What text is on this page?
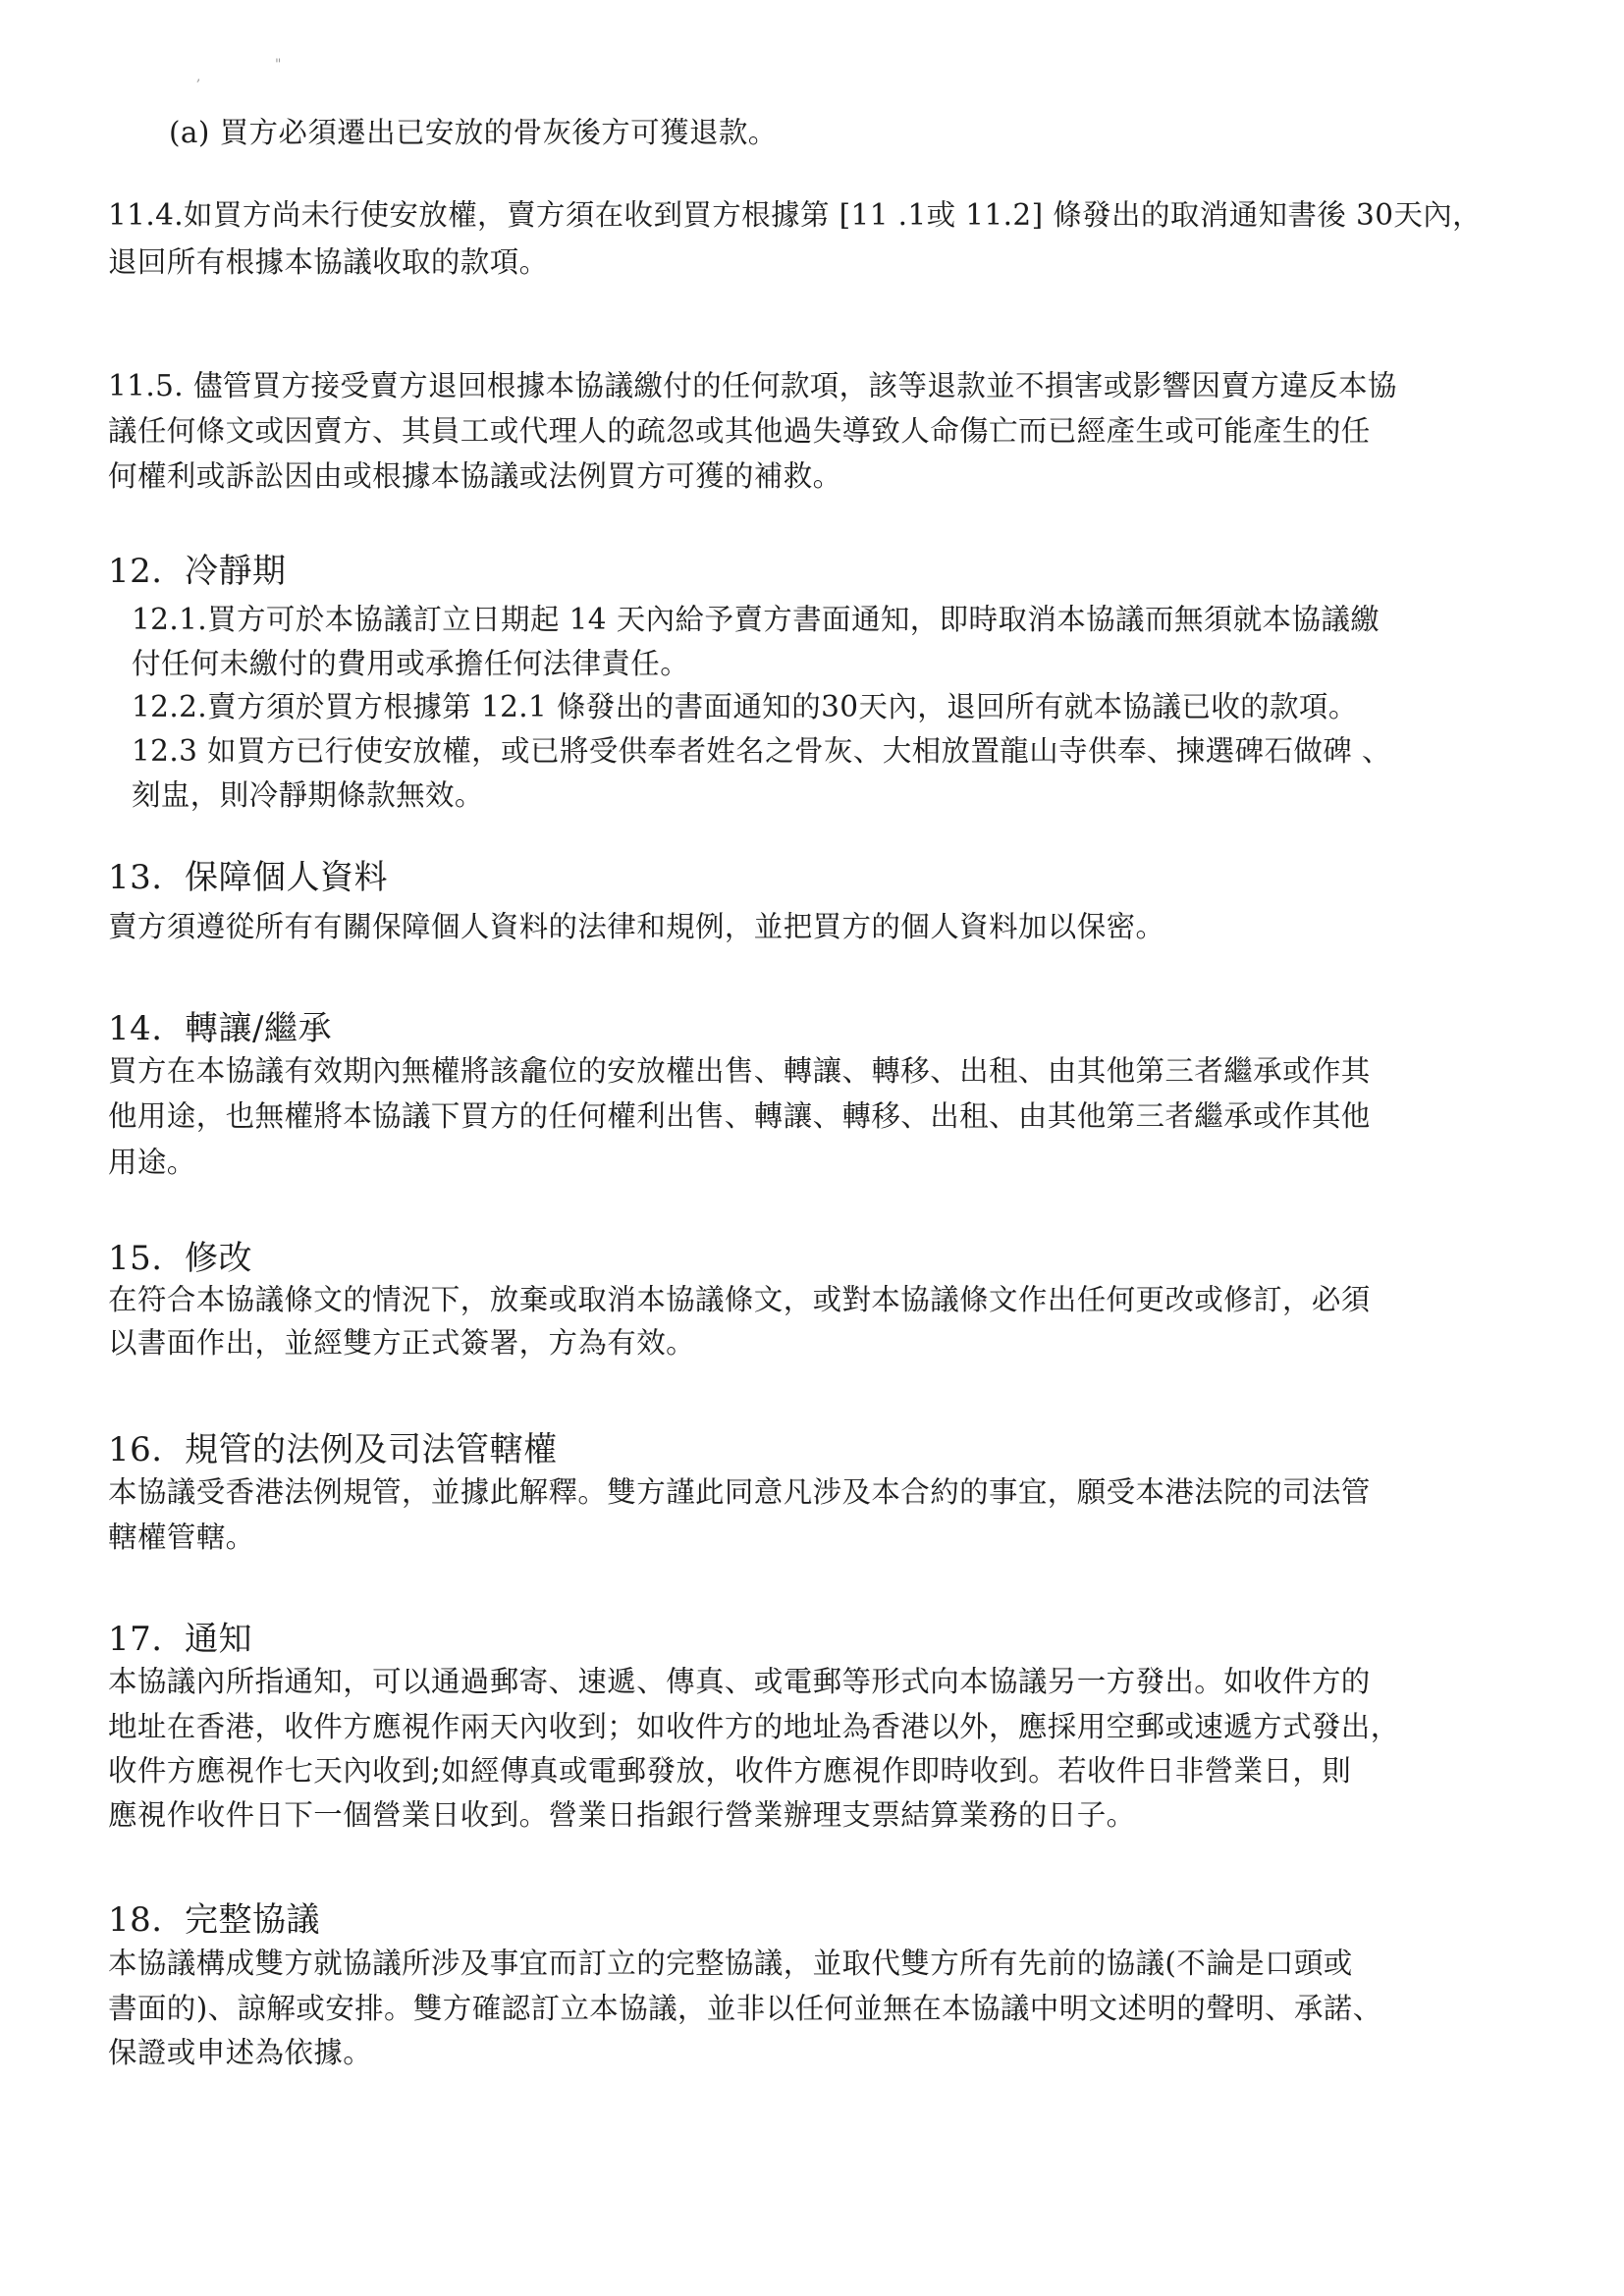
,
"
(a) 買方必須遷出已安放的骨灰後方可獲退款。
11.4.如買方尚未行使安放權，賣方須在收到買方根據第 [11 .1或 11.2] 條發出的取消通知書後 30天內，
退回所有根據本協議收取的款項。
11.5. 儘管買方接受賣方退回根據本協議繳付的任何款項，該等退款並不損害或影響因賣方違反本協
議任何條文或因賣方、其員工或代理人的疏忽或其他過失導致人命傷亡而已經產生或可能產生的任
何權利或訴訟因由或根據本協議或法例買方可獲的補救。
12. 冷靜期
12.1.買方可於本協議訂立日期起 14 天內給予賣方書面通知，即時取消本協議而無須就本協議繳
付任何未繳付的費用或承擔任何法律責任。
12.2.賣方須於買方根據第 12.1 條發出的書面通知的30天內，退回所有就本協議已收的款項。
12.3 如買方已行使安放權，或已將受供奉者姓名之骨灰、大相放置龍山寺供奉、揀選碑石做碑 、
刻盅，則冷靜期條款無效。
13. 保障個人資料
賣方須遵從所有有關保障個人資料的法律和規例，並把買方的個人資料加以保密。
14. 轉讓/繼承
買方在本協議有效期內無權將該龕位的安放權出售、轉讓、轉移、出租、由其他第三者繼承或作其
他用途，也無權將本協議下買方的任何權利出售、轉讓、轉移、出租、由其他第三者繼承或作其他
用途。
15. 修改
在符合本協議條文的情況下，放棄或取消本協議條文，或對本協議條文作出任何更改或修訂，必須
以書面作出，並經雙方正式簽署，方為有效。
16. 規管的法例及司法管轄權
本協議受香港法例規管，並據此解釋。雙方謹此同意凡涉及本合約的事宜，願受本港法院的司法管
轄權管轄。
17. 通知
本協議內所指通知，可以通過郵寄、速遞、傳真、或電郵等形式向本協議另一方發出。如收件方的
地址在香港，收件方應視作兩天內收到；如收件方的地址為香港以外，應採用空郵或速遞方式發出，
收件方應視作七天內收到;如經傳真或電郵發放，收件方應視作即時收到。若收件日非營業日，則
應視作收件日下一個營業日收到。營業日指銀行營業辦理支票結算業務的日子。
18. 完整協議
本協議構成雙方就協議所涉及事宜而訂立的完整協議，並取代雙方所有先前的協議(不論是口頭或
書面的)、諒解或安排。雙方確認訂立本協議，並非以任何並無在本協議中明文述明的聲明、承諾、
保證或申述為依據。
